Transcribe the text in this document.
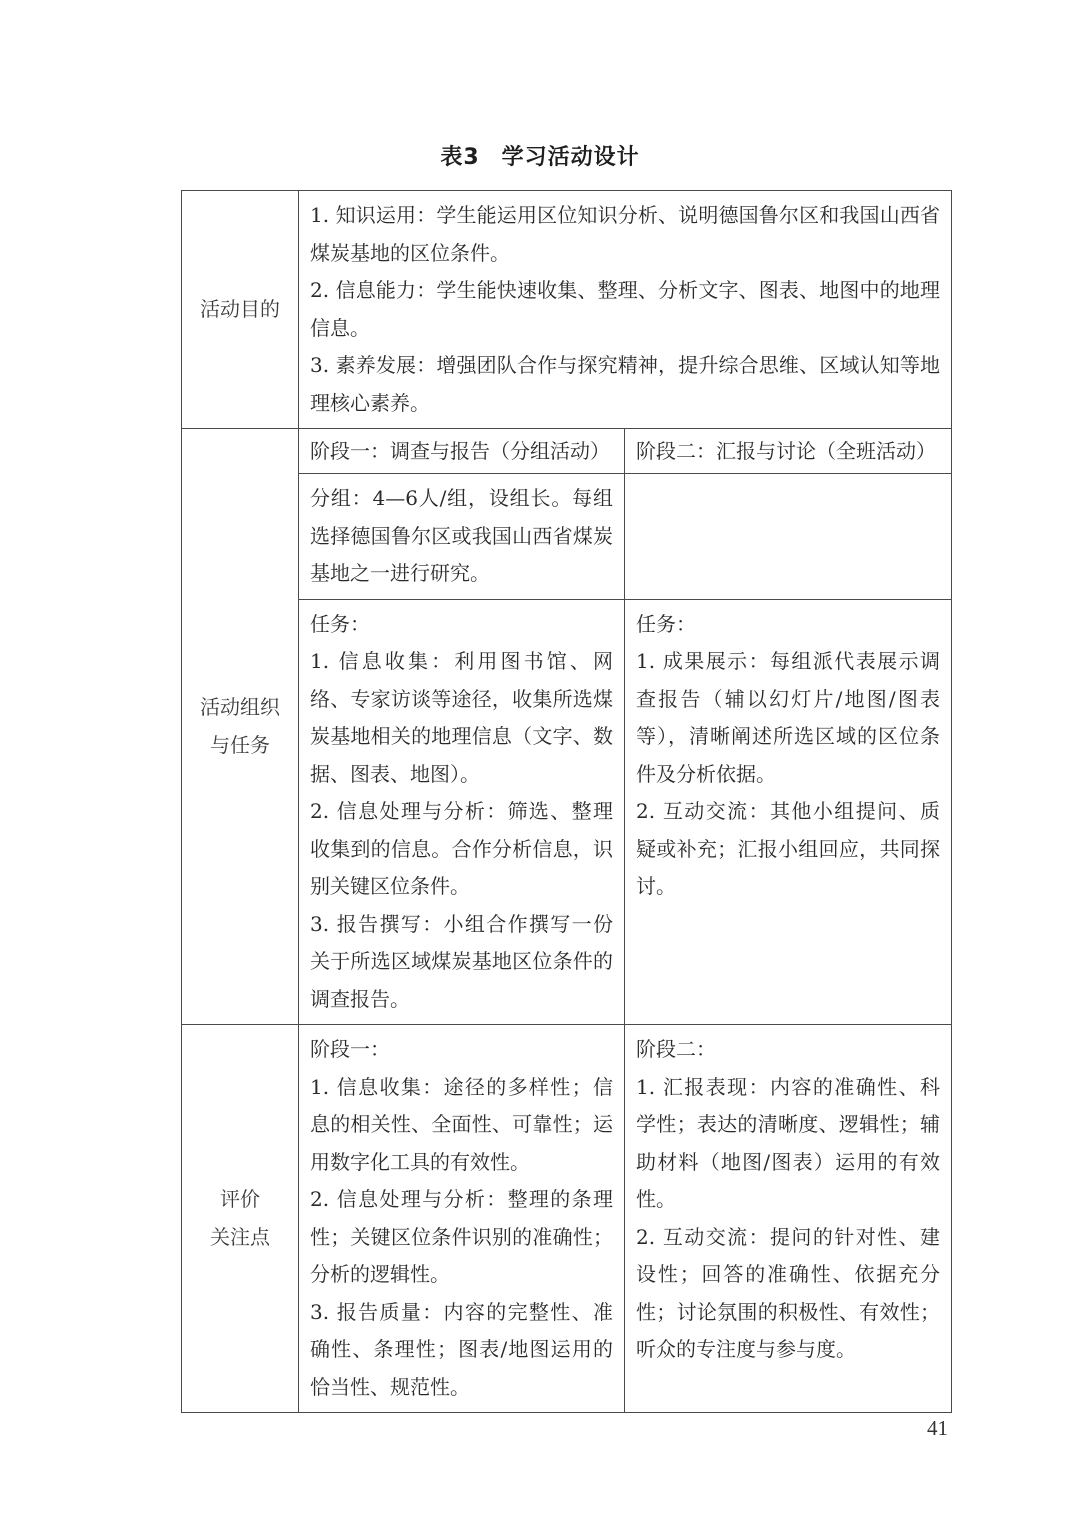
表3 学习活动设计
活动目的	1. 知识运用：学生能运用区位知识分析、说明德国鲁尔区和我国山西省煤炭基地的区位条件。
2. 信息能力：学生能快速收集、整理、分析文字、图表、地图中的地理信息。
3. 素养发展：增强团队合作与探究精神，提升综合思维、区域认知等地理核心素养。	

活动组织
与任务	阶段一：调查与报告（分组活动）	阶段二：汇报与讨论（全班活动）
	分组：4—6人/组，设组长。每组选择德国鲁尔区或我国山西省煤炭基地之一进行研究。	

	任务：
1. 信息收集：利用图书馆、网络、专家访谈等途径，收集所选煤炭基地相关的地理信息（文字、数据、图表、地图）。
2. 信息处理与分析：筛选、整理收集到的信息。合作分析信息，识别关键区位条件。
3. 报告撰写：小组合作撰写一份关于所选区域煤炭基地区位条件的调查报告。	任务：
1. 成果展示：每组派代表展示调查报告（辅以幻灯片/地图/图表等），清晰阐述所选区域的区位条件及分析依据。
2. 互动交流：其他小组提问、质疑或补充；汇报小组回应，共同探讨。

评价
关注点	阶段一：
1. 信息收集：途径的多样性；信息的相关性、全面性、可靠性；运用数字化工具的有效性。
2. 信息处理与分析：整理的条理性；关键区位条件识别的准确性；分析的逻辑性。
3. 报告质量：内容的完整性、准确性、条理性；图表/地图运用的恰当性、规范性。	阶段二：
1. 汇报表现：内容的准确性、科学性；表达的清晰度、逻辑性；辅助材料（地图/图表）运用的有效性。
2. 互动交流：提问的针对性、建设性；回答的准确性、依据充分性；讨论氛围的积极性、有效性；听众的专注度与参与度。
41
